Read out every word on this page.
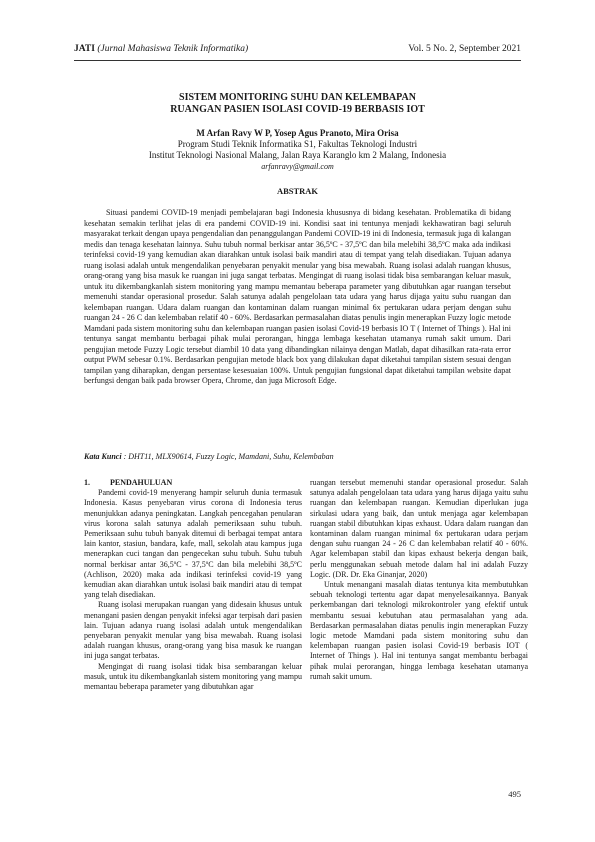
JATI (Jurnal Mahasiswa Teknik Informatika)	Vol. 5 No. 2, September 2021
SISTEM MONITORING SUHU DAN KELEMBAPAN
RUANGAN PASIEN ISOLASI COVID-19 BERBASIS IOT
M Arfan Ravy W P, Yosep Agus Pranoto, Mira Orisa
Program Studi Teknik Informatika S1, Fakultas Teknologi Industri
Institut Teknologi Nasional Malang, Jalan Raya Karanglo km 2 Malang, Indonesia
arfanravy@gmail.com
ABSTRAK

Situasi pandemi COVID-19 menjadi pembelajaran bagi Indonesia khususnya di bidang kesehatan. Problematika di bidang kesehatan semakin terlihat jelas di era pandemi COVID-19 ini. Kondisi saat ini tentunya menjadi kekhawatiran bagi seluruh masyarakat terkait dengan upaya pengendalian dan penanggulangan Pandemi COVID-19 ini di Indonesia, termasuk juga di kalangan medis dan tenaga kesehatan lainnya. Suhu tubuh normal berkisar antar 36,5ºC - 37,5ºC dan bila melebihi 38,5ºC maka ada indikasi terinfeksi covid-19 yang kemudian akan diarahkan untuk isolasi baik mandiri atau di tempat yang telah disediakan. Tujuan adanya ruang isolasi adalah untuk mengendalikan penyebaran penyakit menular yang bisa mewabah. Ruang isolasi adalah ruangan khusus, orang-orang yang bisa masuk ke ruangan ini juga sangat terbatas. Mengingat di ruang isolasi tidak bisa sembarangan keluar masuk, untuk itu dikembangkanlah sistem monitoring yang mampu memantau beberapa parameter yang dibutuhkan agar ruangan tersebut memenuhi standar operasional prosedur. Salah satunya adalah pengelolaan tata udara yang harus dijaga yaitu suhu ruangan dan kelembapan ruangan. Udara dalam ruangan dan kontaminan dalam ruangan minimal 6x pertukaran udara perjam dengan suhu ruangan 24 - 26 C dan kelembaban relatif 40 - 60%. Berdasarkan permasalahan diatas penulis ingin menerapkan Fuzzy logic metode Mamdani pada sistem monitoring suhu dan kelembapan ruangan pasien isolasi Covid-19 berbasis IO T ( Internet of Things ). Hal ini tentunya sangat membantu berbagai pihak mulai perorangan, hingga lembaga kesehatan utamanya rumah sakit umum. Dari pengujian metode Fuzzy Logic tersebut diambil 10 data yang dibandingkan nilainya dengan Matlab, dapat dihasilkan rata-rata error output PWM sebesar 0.1%. Berdasarkan pengujian metode black box yang dilakukan dapat diketahui tampilan sistem sesuai dengan tampilan yang diharapkan, dengan persentase kesesuaian 100%. Untuk pengujian fungsional dapat diketahui tampilan website dapat berfungsi dengan baik pada browser Opera, Chrome, dan juga Microsoft Edge.

Kata Kunci : DHT11, MLX90614, Fuzzy Logic, Mamdani, Suhu, Kelembaban
1.	PENDAHULUAN

Pandemi covid-19 menyerang hampir seluruh dunia termasuk Indonesia. Kasus penyebaran virus corona di Indonesia terus menunjukkan adanya peningkatan. Langkah pencegahan penularan virus korona salah satunya adalah pemeriksaan suhu tubuh. Pemeriksaan suhu tubuh banyak ditemui di berbagai tempat antara lain kantor, stasiun, bandara, kafe, mall, sekolah atau kampus juga menerapkan cuci tangan dan pengecekan suhu tubuh. Suhu tubuh normal berkisar antar 36,5ºC - 37,5ºC dan bila melebihi 38,5ºC (Achlison, 2020) maka ada indikasi terinfeksi covid-19 yang kemudian akan diarahkan untuk isolasi baik mandiri atau di tempat yang telah disediakan.

Ruang isolasi merupakan ruangan yang didesain khusus untuk menangani pasien dengan penyakit infeksi agar terpisah dari pasien lain. Tujuan adanya ruang isolasi adalah untuk mengendalikan penyebaran penyakit menular yang bisa mewabah. Ruang isolasi adalah ruangan khusus, orang-orang yang bisa masuk ke ruangan ini juga sangat terbatas.

Mengingat di ruang isolasi tidak bisa sembarangan keluar masuk, untuk itu dikembangkanlah sistem monitoring yang mampu memantau beberapa parameter yang dibutuhkan agar

ruangan tersebut memenuhi standar operasional prosedur. Salah satunya adalah pengelolaan tata udara yang harus dijaga yaitu suhu ruangan dan kelembapan ruangan. Kemudian diperlukan juga sirkulasi udara yang baik, dan untuk menjaga agar kelembapan ruangan stabil dibutuhkan kipas exhaust. Udara dalam ruangan dan kontaminan dalam ruangan minimal 6x pertukaran udara perjam dengan suhu ruangan 24 - 26 C dan kelembaban relatif 40 - 60%. Agar kelembapan stabil dan kipas exhaust bekerja dengan baik, perlu menggunakan sebuah metode dalam hal ini adalah Fuzzy Logic. (DR. Dr. Eka Ginanjar, 2020)

Untuk menangani masalah diatas tentunya kita membutuhkan sebuah teknologi tertentu agar dapat menyelesaikannya. Banyak perkembangan dari teknologi mikrokontroler yang efektif untuk membantu sesuai kebutuhan atau permasalahan yang ada. Berdasarkan permasalahan diatas penulis ingin menerapkan Fuzzy logic metode Mamdani pada sistem monitoring suhu dan kelembapan ruangan pasien isolasi Covid-19 berbasis IOT ( Internet of Things ). Hal ini tentunya sangat membantu berbagai pihak mulai perorangan, hingga lembaga kesehatan utamanya rumah sakit umum.

495
